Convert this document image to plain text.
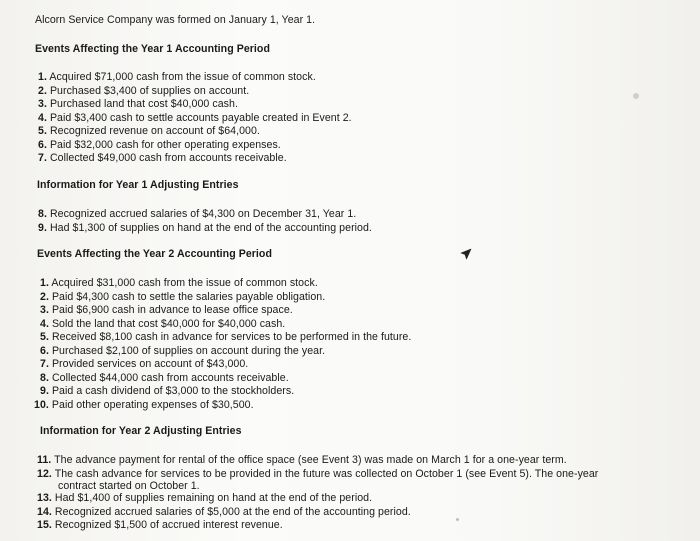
Alcorn Service Company was formed on January 1, Year 1.
Events Affecting the Year 1 Accounting Period
1. Acquired $71,000 cash from the issue of common stock.
2. Purchased $3,400 of supplies on account.
3. Purchased land that cost $40,000 cash.
4. Paid $3,400 cash to settle accounts payable created in Event 2.
5. Recognized revenue on account of $64,000.
6. Paid $32,000 cash for other operating expenses.
7. Collected $49,000 cash from accounts receivable.
Information for Year 1 Adjusting Entries
8. Recognized accrued salaries of $4,300 on December 31, Year 1.
9. Had $1,300 of supplies on hand at the end of the accounting period.
Events Affecting the Year 2 Accounting Period
1. Acquired $31,000 cash from the issue of common stock.
2. Paid $4,300 cash to settle the salaries payable obligation.
3. Paid $6,900 cash in advance to lease office space.
4. Sold the land that cost $40,000 for $40,000 cash.
5. Received $8,100 cash in advance for services to be performed in the future.
6. Purchased $2,100 of supplies on account during the year.
7. Provided services on account of $43,000.
8. Collected $44,000 cash from accounts receivable.
9. Paid a cash dividend of $3,000 to the stockholders.
10. Paid other operating expenses of $30,500.
Information for Year 2 Adjusting Entries
11. The advance payment for rental of the office space (see Event 3) was made on March 1 for a one-year term.
12. The cash advance for services to be provided in the future was collected on October 1 (see Event 5). The one-year
contract started on October 1.
13. Had $1,400 of supplies remaining on hand at the end of the period.
14. Recognized accrued salaries of $5,000 at the end of the accounting period.
15. Recognized $1,500 of accrued interest revenue.
